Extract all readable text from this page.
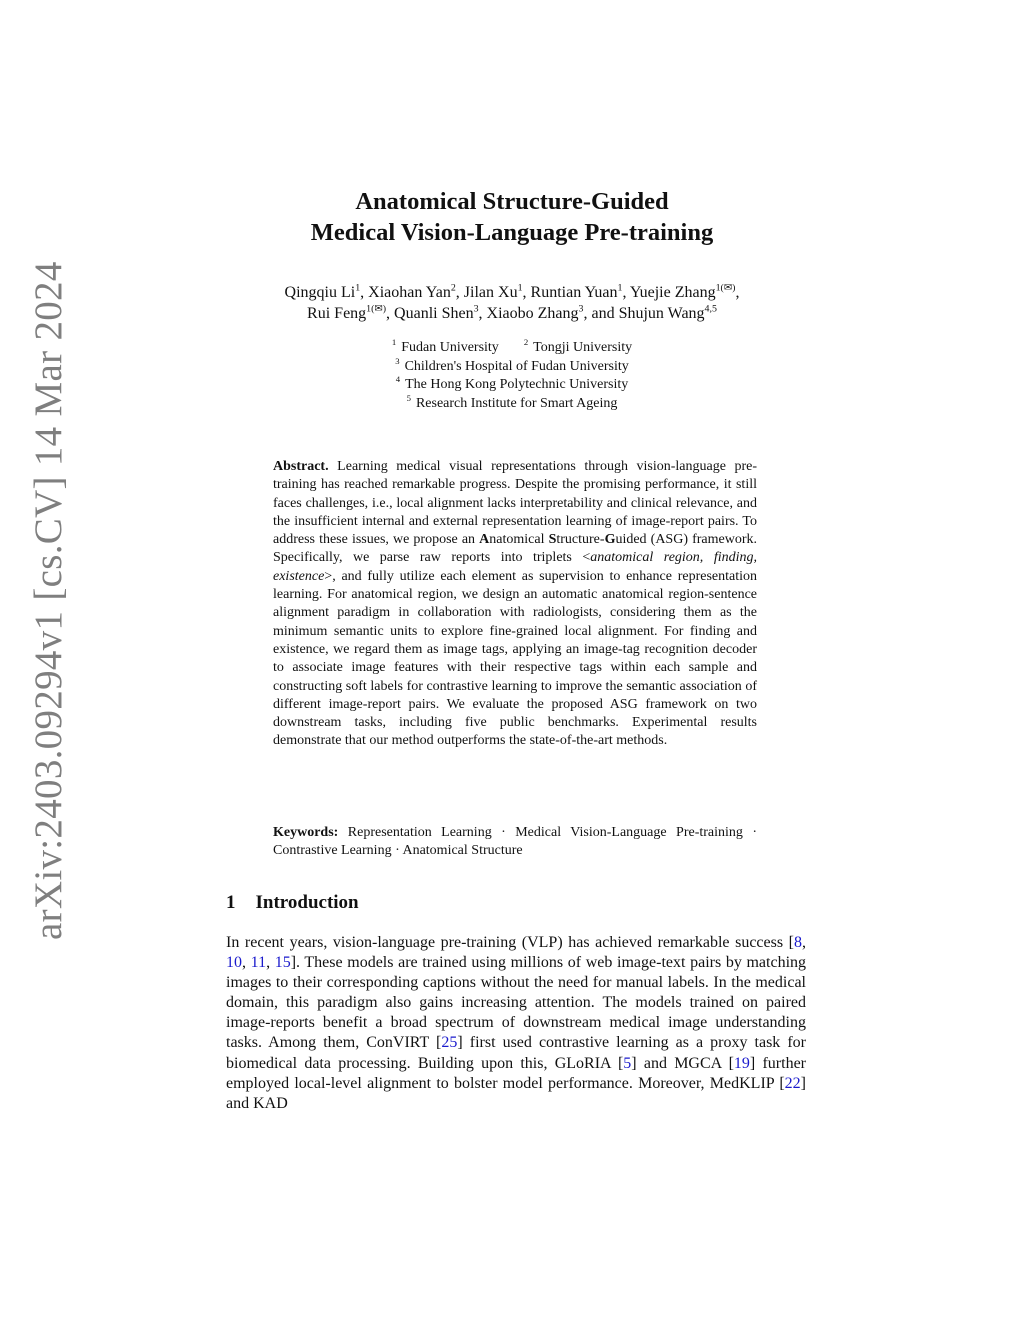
arXiv:2403.09294v1 [cs.CV] 14 Mar 2024
Anatomical Structure-Guided
Medical Vision-Language Pre-training
Qingqiu Li$^1$, Xiaohan Yan$^2$, Jilan Xu$^1$, Runtian Yuan$^1$, Yuejie Zhang$^{1(✉)}$,
Rui Feng$^{1(✉)}$, Quanli Shen$^3$, Xiaobo Zhang$^3$, and Shujun Wang$^{4,5}$
$^1$ Fudan University	$^2$ Tongji University
$^3$ Children's Hospital of Fudan University
$^4$ The Hong Kong Polytechnic University
$^5$ Research Institute for Smart Ageing
Abstract. Learning medical visual representations through vision-language pre-training has reached remarkable progress. Despite the promising performance, it still faces challenges, i.e., local alignment lacks interpretability and clinical relevance, and the insufficient internal and external representation learning of image-report pairs. To address these issues, we propose an Anatomical Structure-Guided (ASG) framework. Specifically, we parse raw reports into triplets <anatomical region, finding, existence>, and fully utilize each element as supervision to enhance representation learning. For anatomical region, we design an automatic anatomical region-sentence alignment paradigm in collaboration with radiologists, considering them as the minimum semantic units to explore fine-grained local alignment. For finding and existence, we regard them as image tags, applying an image-tag recognition decoder to associate image features with their respective tags within each sample and constructing soft labels for contrastive learning to improve the semantic association of different image-report pairs. We evaluate the proposed ASG framework on two downstream tasks, including five public benchmarks. Experimental results demonstrate that our method outperforms the state-of-the-art methods.
Keywords: Representation Learning · Medical Vision-Language Pre-training · Contrastive Learning · Anatomical Structure
1 Introduction
In recent years, vision-language pre-training (VLP) has achieved remarkable success [8, 10, 11, 15]. These models are trained using millions of web image-text pairs by matching images to their corresponding captions without the need for manual labels. In the medical domain, this paradigm also gains increasing attention. The models trained on paired image-reports benefit a broad spectrum of downstream medical image understanding tasks. Among them, ConVIRT [25] first used contrastive learning as a proxy task for biomedical data processing. Building upon this, GLoRIA [5] and MGCA [19] further employed local-level alignment to bolster model performance. Moreover, MedKLIP [22] and KAD
